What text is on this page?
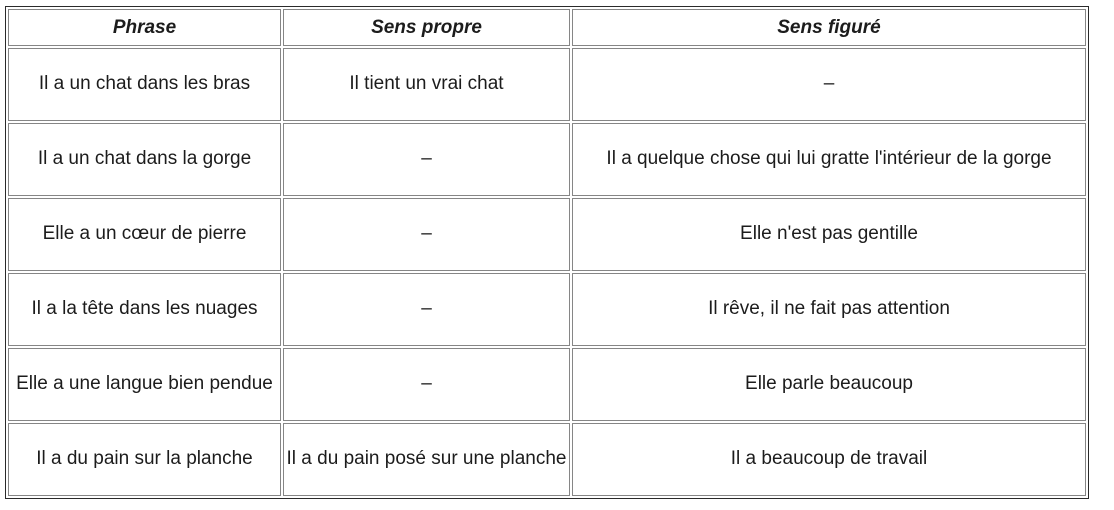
Phrase	Sens propre	Sens figuré
Il a un chat dans les bras	Il tient un vrai chat	–
Il a un chat dans la gorge	–	Il a quelque chose qui lui gratte l'intérieur de la gorge
Elle a un cœur de pierre	–	Elle n'est pas gentille
Il a la tête dans les nuages	–	Il rêve, il ne fait pas attention
Elle a une langue bien pendue	–	Elle parle beaucoup
Il a du pain sur la planche	Il a du pain posé sur une planche	Il a beaucoup de travail
